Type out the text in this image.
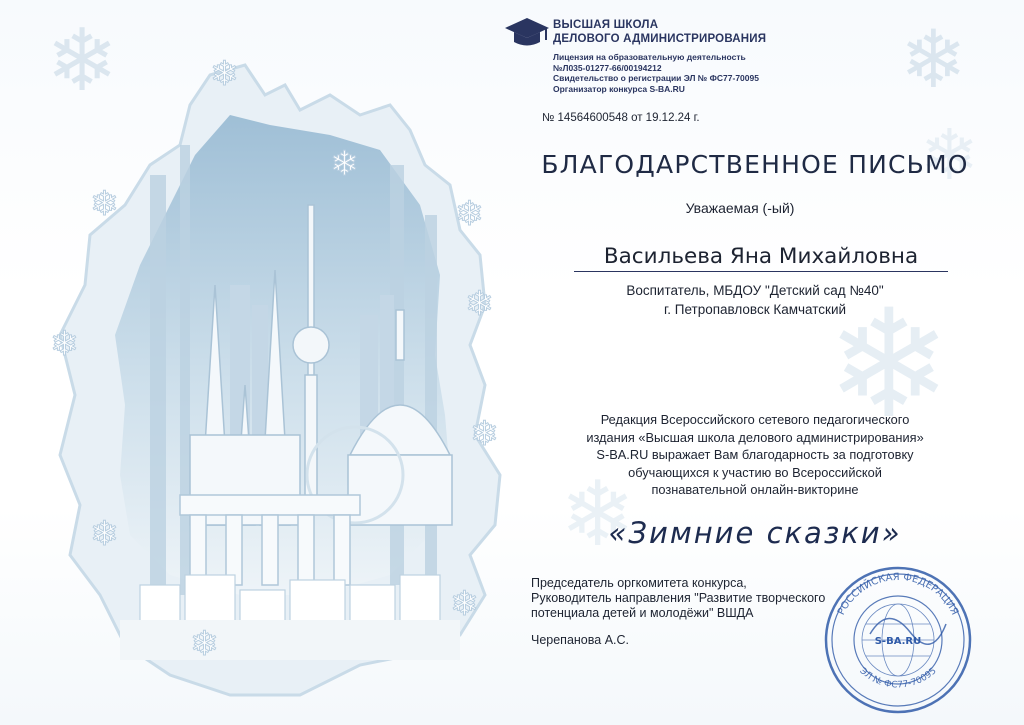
❄	❄
❄
❄
❄
❄
❄
❄	❄
❄
❄
❄
❄
❄
❄
ВЫСШАЯ ШКОЛА
ДЕЛОВОГО АДМИНИСТРИРОВАНИЯ
Лицензия на образовательную деятельность
№Л035-01277-66/00194212
Свидетельство о регистрации ЭЛ № ФС77-70095
Организатор конкурса S-BA.RU
№ 14564600548 от 19.12.24 г.
БЛАГОДАРСТВЕННОЕ ПИСЬМО
Уважаемая (-ый)
Васильева Яна Михайловна
Воспитатель, МБДОУ "Детский сад №40"
г. Петропавловск Камчатский
Редакция Всероссийского сетевого педагогического
издания «Высшая школа делового администрирования»
S-BA.RU выражает Вам благодарность за подготовку
обучающихся к участию во Всероссийской
познавательной онлайн-викторине
«Зимние сказки»
Председатель оргкомитета конкурса,
Руководитель направления "Развитие творческого
потенциала детей и молодёжи" ВШДА
Черепанова А.С.
РОССИЙСКАЯ ФЕДЕРАЦИЯ
ЭЛ № ФС77-70095
S-BA.RU
